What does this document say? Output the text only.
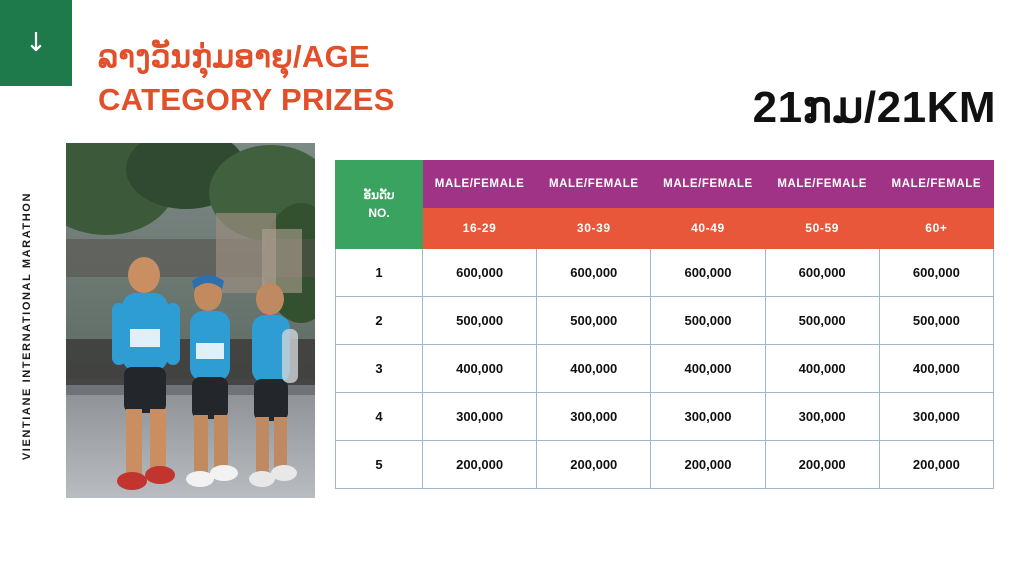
↓
VIENTIANE INTERNATIONAL MARATHON
ລາງວັນກຸ່ມອາຍຸ/AGE
CATEGORY PRIZES	21ກມ/21KM
ອັນດັບ
NO.	MALE/FEMALE	MALE/FEMALE	MALE/FEMALE	MALE/FEMALE	MALE/FEMALE
	16-29	30-39	40-49	50-59	60+
1	600,000	600,000	600,000	600,000	600,000
2	500,000	500,000	500,000	500,000	500,000
3	400,000	400,000	400,000	400,000	400,000
4	300,000	300,000	300,000	300,000	300,000
5	200,000	200,000	200,000	200,000	200,000
